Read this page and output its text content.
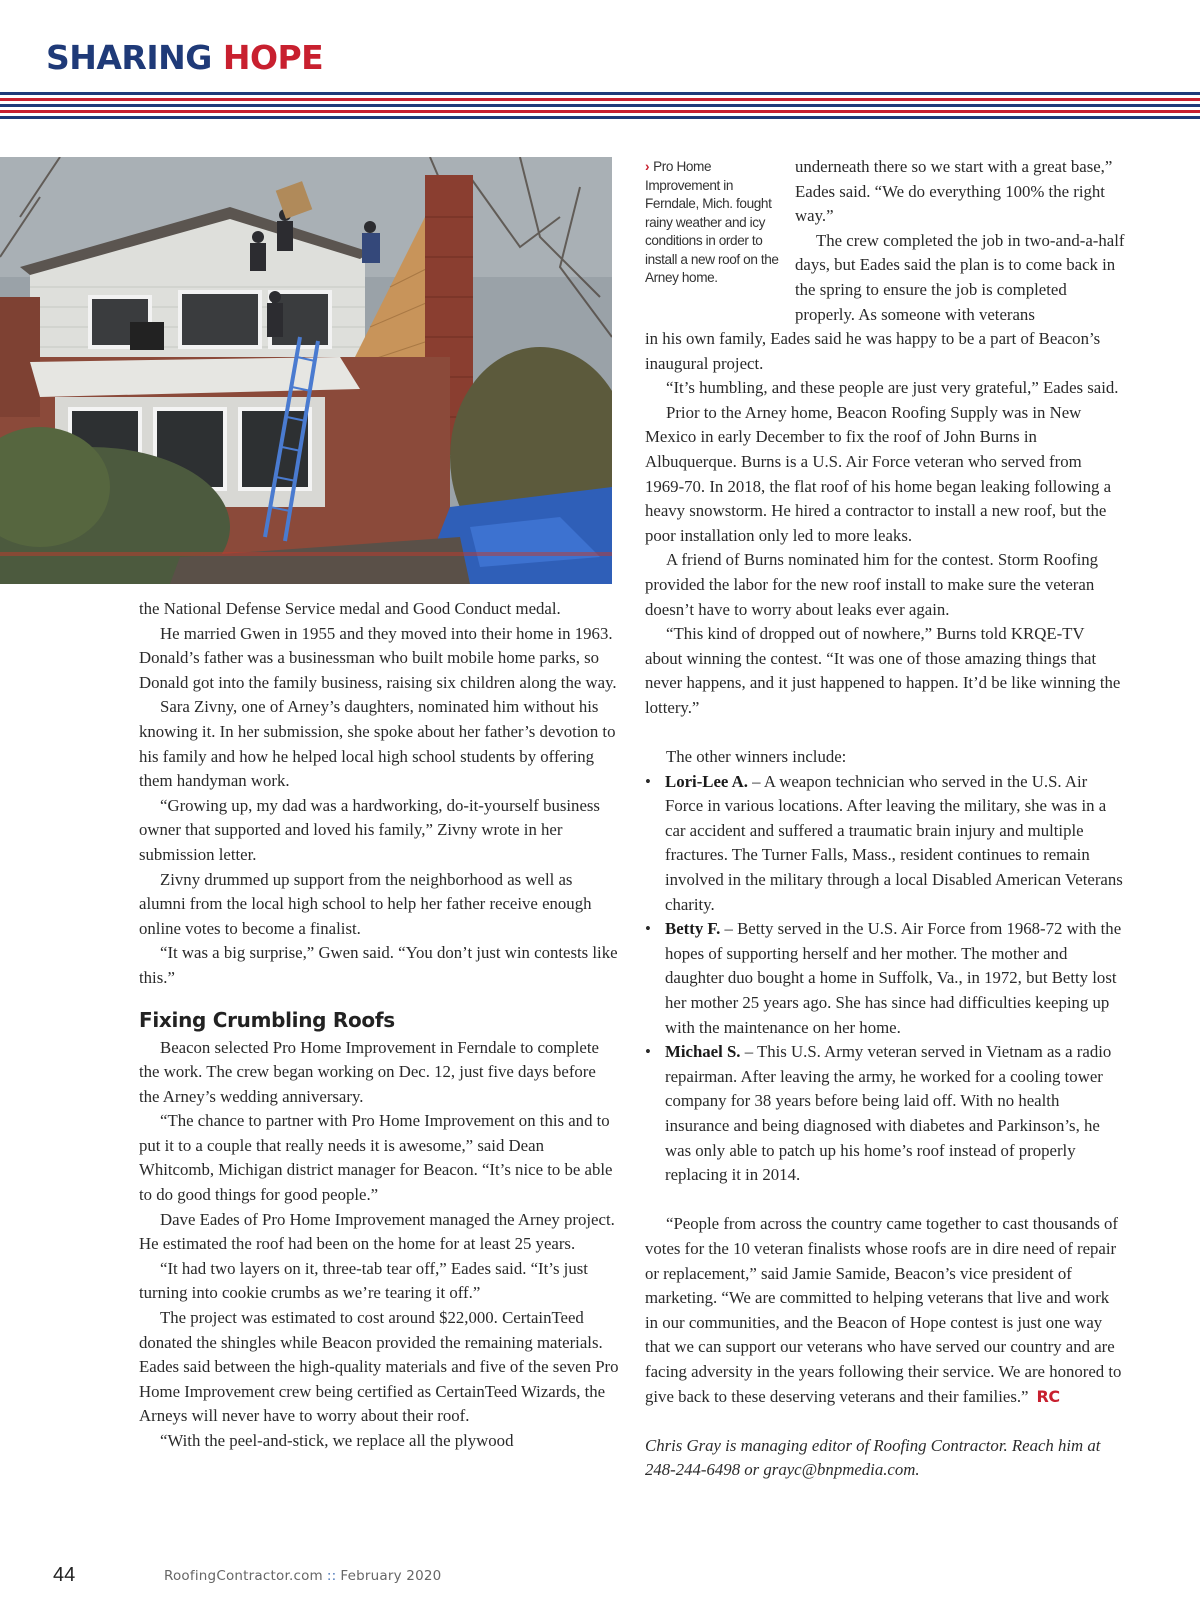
SHARING HOPE
› Pro Home Improvement in Ferndale, Mich. fought rainy weather and icy conditions in order to install a new roof on the Arney home.

the National Defense Service medal and Good Conduct medal.

He married Gwen in 1955 and they moved into their home in 1963. Donald’s father was a businessman who built mobile home parks, so Donald got into the family business, raising six children along the way.

Sara Zivny, one of Arney’s daughters, nominated him without his knowing it. In her submission, she spoke about her father’s devotion to his family and how he helped local high school students by offering them handyman work.

“Growing up, my dad was a hardworking, do-it-yourself business owner that supported and loved his family,” Zivny wrote in her submission letter.

Zivny drummed up support from the neighborhood as well as alumni from the local high school to help her father receive enough online votes to become a finalist.

“It was a big surprise,” Gwen said. “You don’t just win contests like this.”

Fixing Crumbling Roofs

Beacon selected Pro Home Improvement in Ferndale to complete the work. The crew began working on Dec. 12, just five days before the Arney’s wedding anniversary.

“The chance to partner with Pro Home Improvement on this and to put it to a couple that really needs it is awesome,” said Dean Whitcomb, Michigan district manager for Beacon. “It’s nice to be able to do good things for good people.”

Dave Eades of Pro Home Improvement managed the Arney project. He estimated the roof had been on the home for at least 25 years.

“It had two layers on it, three-tab tear off,” Eades said. “It’s just turning into cookie crumbs as we’re tearing it off.”

The project was estimated to cost around $22,000. CertainTeed donated the shingles while Beacon provided the remaining materials. Eades said between the high-quality materials and five of the seven Pro Home Improvement crew being certified as CertainTeed Wizards, the Arneys will never have to worry about their roof.

“With the peel-and-stick, we replace all the plywood

underneath there so we start with a great base,” Eades said. “We do everything 100% the right way.”

The crew completed the job in two-and-a-half days, but Eades said the plan is to come back in the spring to ensure the job is completed properly. As someone with veterans

in his own family, Eades said he was happy to be a part of Beacon’s inaugural project.

“It’s humbling, and these people are just very grateful,” Eades said.

Prior to the Arney home, Beacon Roofing Supply was in New Mexico in early December to fix the roof of John Burns in Albuquerque. Burns is a U.S. Air Force veteran who served from 1969-70. In 2018, the flat roof of his home began leaking following a heavy snowstorm. He hired a contractor to install a new roof, but the poor installation only led to more leaks.

A friend of Burns nominated him for the contest. Storm Roofing provided the labor for the new roof install to make sure the veteran doesn’t have to worry about leaks ever again.

“This kind of dropped out of nowhere,” Burns told KRQE-TV about winning the contest. “It was one of those amazing things that never happens, and it just happened to happen. It’d be like winning the lottery.”

The other winners include:

• Lori-Lee A. – A weapon technician who served in the U.S. Air Force in various locations. After leaving the military, she was in a car accident and suffered a traumatic brain injury and multiple fractures. The Turner Falls, Mass., resident continues to remain involved in the military through a local Disabled American Veterans charity.
• Betty F. – Betty served in the U.S. Air Force from 1968-72 with the hopes of supporting herself and her mother. The mother and daughter duo bought a home in Suffolk, Va., in 1972, but Betty lost her mother 25 years ago. She has since had difficulties keeping up with the maintenance on her home.
• Michael S. – This U.S. Army veteran served in Vietnam as a radio repairman. After leaving the army, he worked for a cooling tower company for 38 years before being laid off. With no health insurance and being diagnosed with diabetes and Parkinson’s, he was only able to patch up his home’s roof instead of properly replacing it in 2014.

“People from across the country came together to cast thousands of votes for the 10 veteran finalists whose roofs are in dire need of repair or replacement,” said Jamie Samide, Beacon’s vice president of marketing. “We are committed to helping veterans that live and work in our communities, and the Beacon of Hope contest is just one way that we can support our veterans who have served our country and are facing adversity in the years following their service. We are honored to give back to these deserving veterans and their families.” RC

Chris Gray is managing editor of Roofing Contractor. Reach him at 248-244-6498 or grayc@bnpmedia.com.

44	RoofingContractor.com :: February 2020
